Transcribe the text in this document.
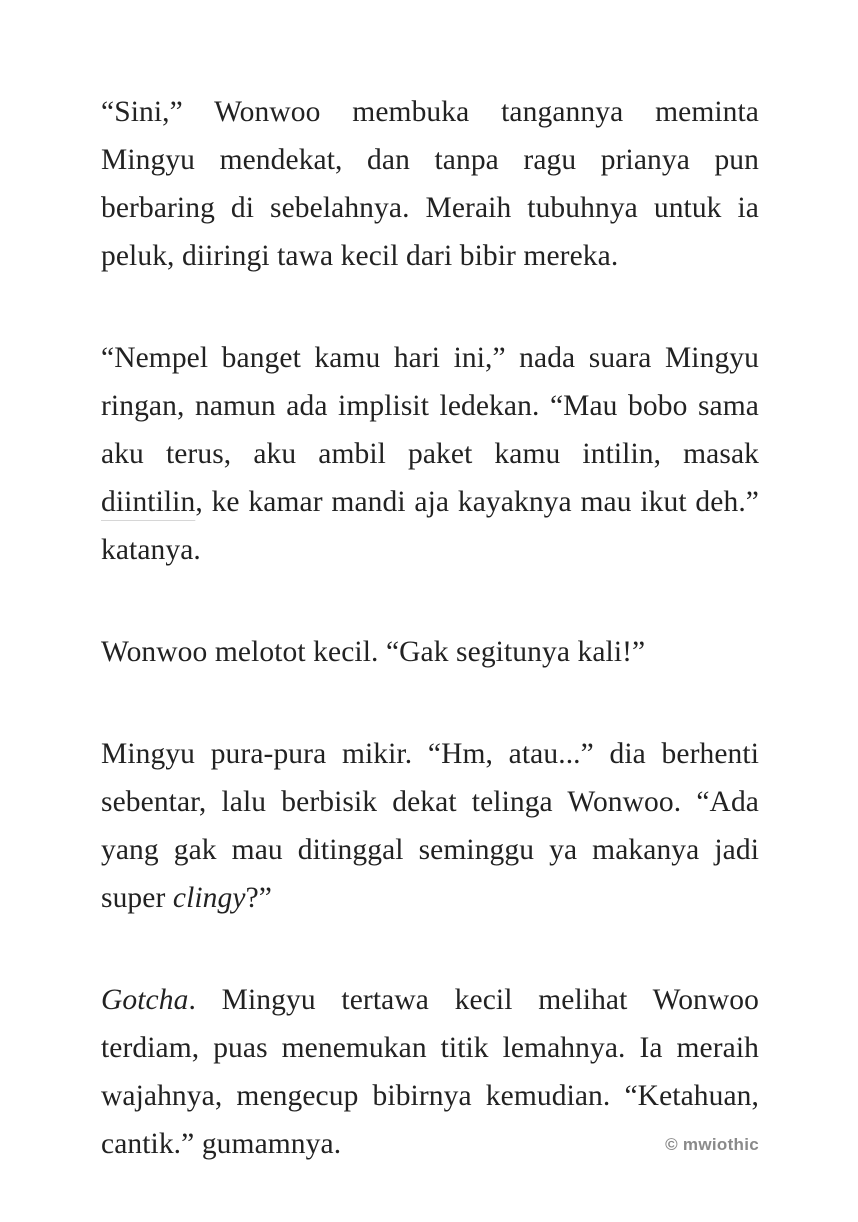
“Sini,” Wonwoo membuka tangannya meminta Mingyu mendekat, dan tanpa ragu prianya pun berbaring di sebelahnya. Meraih tubuhnya untuk ia peluk, diiringi tawa kecil dari bibir mereka.

“Nempel banget kamu hari ini,” nada suara Mingyu ringan, namun ada implisit ledekan. “Mau bobo sama aku terus, aku ambil paket kamu intilin, masak diintilin, ke kamar mandi aja kayaknya mau ikut deh.” katanya.

Wonwoo melotot kecil. “Gak segitunya kali!”

Mingyu pura-pura mikir. “Hm, atau...” dia berhenti sebentar, lalu berbisik dekat telinga Wonwoo. “Ada yang gak mau ditinggal seminggu ya makanya jadi super clingy?”

Gotcha. Mingyu tertawa kecil melihat Wonwoo terdiam, puas menemukan titik lemahnya. Ia meraih wajahnya, mengecup bibirnya kemudian. “Ketahuan, cantik.” gumamnya.	© mwiothic
